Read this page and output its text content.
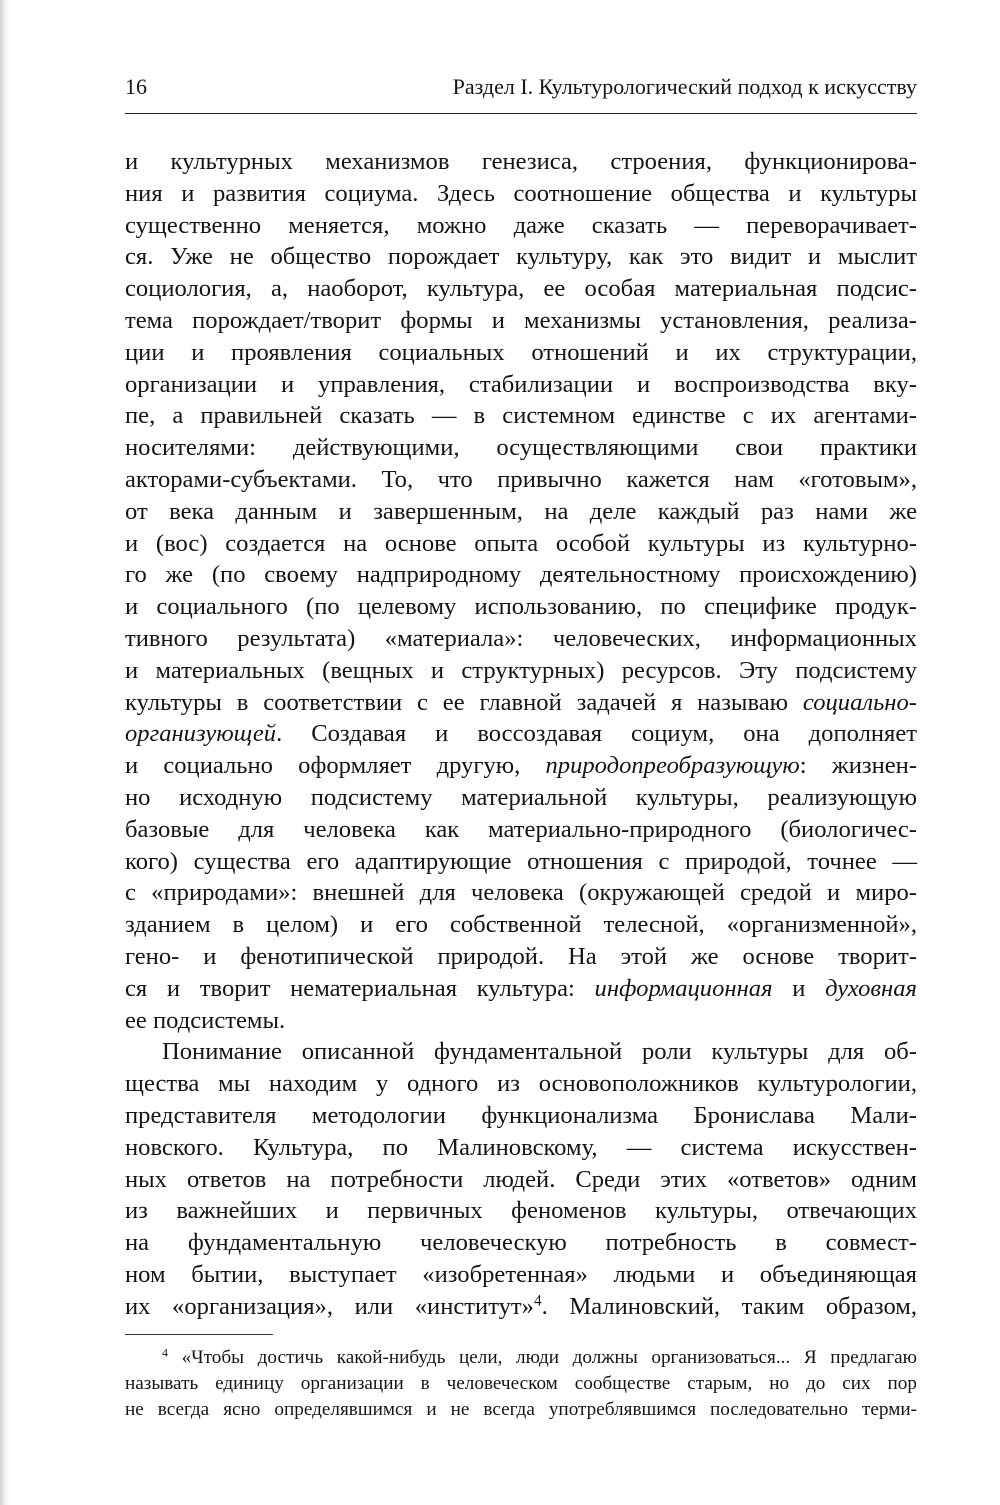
16	Раздел I. Культурологический подход к искусству
и культурных механизмов генезиса, строения, функционирова-
ния и развития социума. Здесь соотношение общества и культуры
существенно меняется, можно даже сказать — переворачивает-
ся. Уже не общество порождает культуру, как это видит и мыслит
социология, а, наоборот, культура, ее особая материальная подсис-
тема порождает/творит формы и механизмы установления, реализа-
ции и проявления социальных отношений и их структурации,
организации и управления, стабилизации и воспроизводства вку-
пе, а правильней сказать — в системном единстве с их агентами-
носителями: действующими, осуществляющими свои практики
акторами-субъектами. То, что привычно кажется нам «готовым»,
от века данным и завершенным, на деле каждый раз нами же
и (вос) создается на основе опыта особой культуры из культурно-
го же (по своему надприродному деятельностному происхождению)
и социального (по целевому использованию, по специфике продук-
тивного результата) «материала»: человеческих, информационных
и материальных (вещных и структурных) ресурсов. Эту подсистему
культуры в соответствии с ее главной задачей я называю социально-
организующей. Создавая и воссоздавая социум, она дополняет
и социально оформляет другую, природопреобразующую: жизнен-
но исходную подсистему материальной культуры, реализующую
базовые для человека как материально-природного (биологичес-
кого) существа его адаптирующие отношения с природой, точнее —
с «природами»: внешней для человека (окружающей средой и миро-
зданием в целом) и его собственной телесной, «организменной»,
гено- и фенотипической природой. На этой же основе творит-
ся и творит нематериальная культура: информационная и духовная
ее подсистемы.
Понимание описанной фундаментальной роли культуры для об-
щества мы находим у одного из основоположников культурологии,
представителя методологии функционализма Бронислава Мали-
новского. Культура, по Малиновскому, — система искусствен-
ных ответов на потребности людей. Среди этих «ответов» одним
из важнейших и первичных феноменов культуры, отвечающих
на фундаментальную человеческую потребность в совмест-
ном бытии, выступает «изобретенная» людьми и объединяющая
их «организация», или «институт»$^4$. Малиновский, таким образом,
$^4$ «Чтобы достичь какой-нибудь цели, люди должны организоваться... Я предлагаю
называть единицу организации в человеческом сообществе старым, но до сих пор
не всегда ясно определявшимся и не всегда употреблявшимся последовательно терми-
